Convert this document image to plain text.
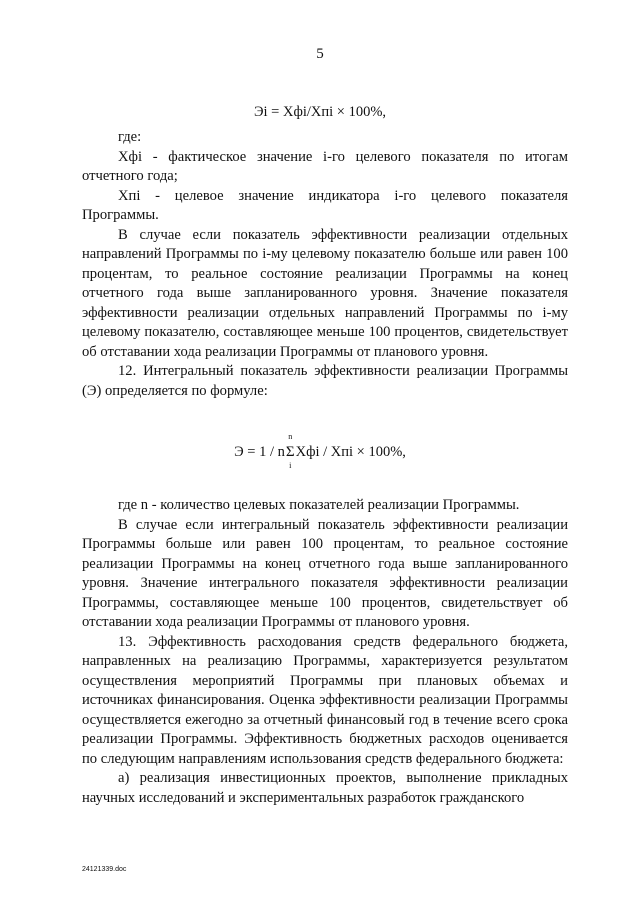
5
Эi = Хфi/Хпi × 100%,

где:

Хфi - фактическое значение i-го целевого показателя по итогам отчетного года;

Хпi - целевое значение индикатора i-го целевого показателя Программы.

В случае если показатель эффективности реализации отдельных направлений Программы по i-му целевому показателю больше или равен 100 процентам, то реальное состояние реализации Программы на конец отчетного года выше запланированного уровня. Значение показателя эффективности реализации отдельных направлений Программы по i-му целевому показателю, составляющее меньше 100 процентов, свидетельствует об отставании хода реализации Программы от планового уровня.

12. Интегральный показатель эффективности реализации Программы (Э) определяется по формуле:

Э = 1 / n
n
Σ
i
Хфi / Хпi × 100%,

где n - количество целевых показателей реализации Программы.

В случае если интегральный показатель эффективности реализации Программы больше или равен 100 процентам, то реальное состояние реализации Программы на конец отчетного года выше запланированного уровня. Значение интегрального показателя эффективности реализации Программы, составляющее меньше 100 процентов, свидетельствует об отставании хода реализации Программы от планового уровня.

13. Эффективность расходования средств федерального бюджета, направленных на реализацию Программы, характеризуется результатом осуществления мероприятий Программы при плановых объемах и источниках финансирования. Оценка эффективности реализации Программы осуществляется ежегодно за отчетный финансовый год в течение всего срока реализации Программы. Эффективность бюджетных расходов оценивается по следующим направлениям использования средств федерального бюджета:

а) реализация инвестиционных проектов, выполнение прикладных научных исследований и экспериментальных разработок гражданского

24121339.doc
